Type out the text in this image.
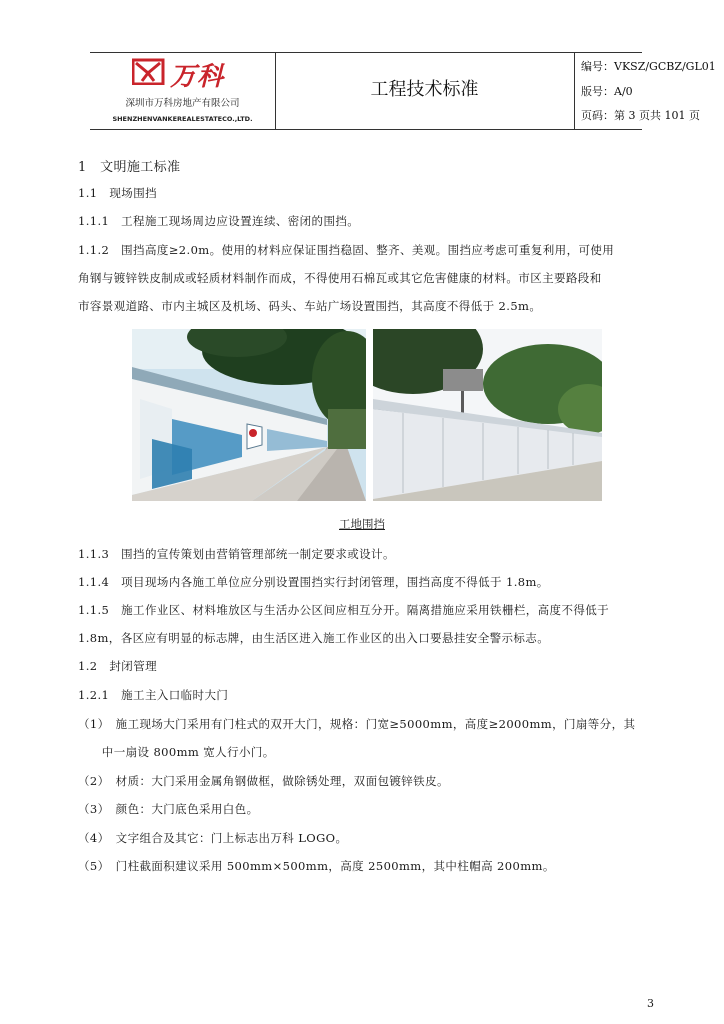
万科
深圳市万科房地产有限公司
SHENZHENVANKEREALESTATECO.,LTD.
工程技术标准
编号：VKSZ/GCBZ/GL01
版号：A/0
页码：第 3 页共 101 页
1　文明施工标准
1.1　现场围挡
1.1.1　工程施工现场周边应设置连续、密闭的围挡。
1.1.2　围挡高度≥2.0m。使用的材料应保证围挡稳固、整齐、美观。围挡应考虑可重复利用，可使用
角钢与镀锌铁皮制成或轻质材料制作而成，不得使用石棉瓦或其它危害健康的材料。市区主要路段和
市容景观道路、市内主城区及机场、码头、车站广场设置围挡，其高度不得低于 2.5m。
工地围挡
1.1.3　围挡的宣传策划由营销管理部统一制定要求或设计。
1.1.4　项目现场内各施工单位应分别设置围挡实行封闭管理，围挡高度不得低于 1.8m。
1.1.5　施工作业区、材料堆放区与生活办公区间应相互分开。隔离措施应采用铁栅栏，高度不得低于
1.8m，各区应有明显的标志牌，由生活区进入施工作业区的出入口要悬挂安全警示标志。
1.2　封闭管理
1.2.1　施工主入口临时大门
（1）　施工现场大门采用有门柱式的双开大门，规格：门宽≥5000mm，高度≥2000mm，门扇等分，其
　　中一扇设 800mm 宽人行小门。
（2）　材质：大门采用金属角钢做框，做除锈处理，双面包镀锌铁皮。
（3）　颜色：大门底色采用白色。
（4）　文字组合及其它：门上标志出万科 LOGO。
（5）　门柱截面积建议采用 500mm×500mm，高度 2500mm，其中柱帽高 200mm。
3
